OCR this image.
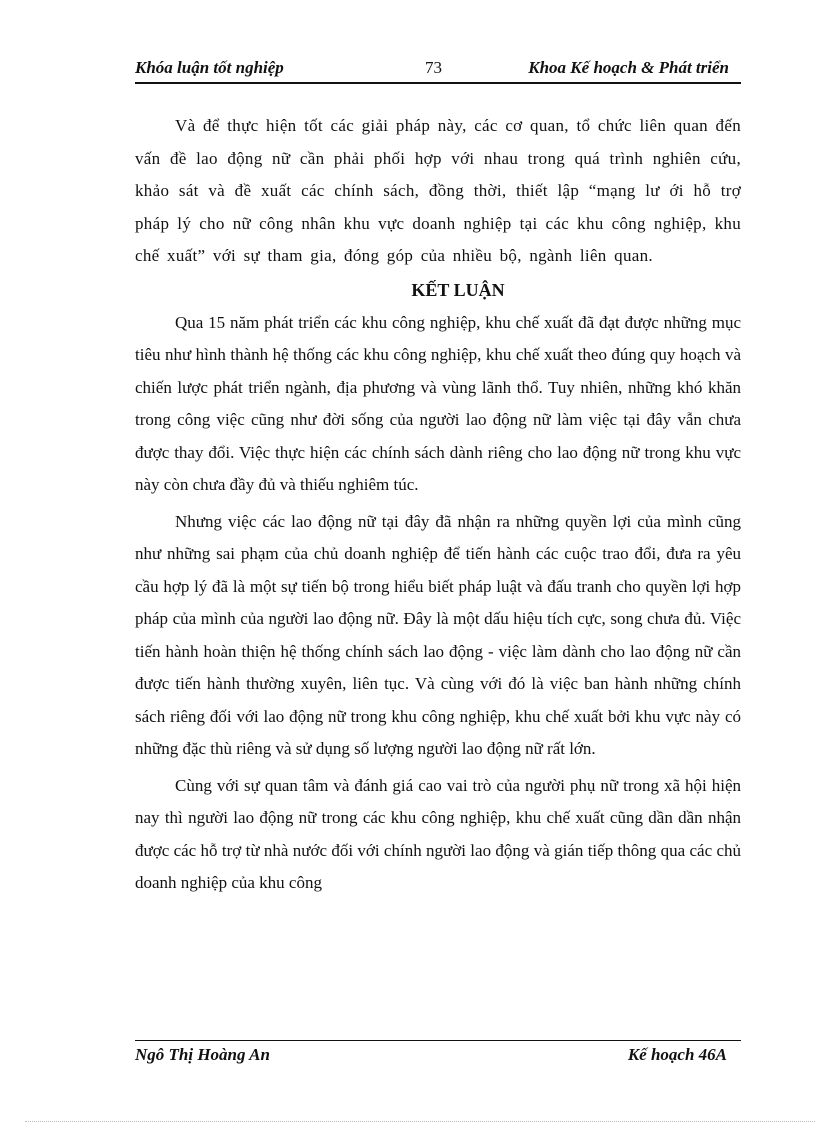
Khóa luận tốt nghiệp	73	Khoa Kế hoạch & Phát triển

Và để thực hiện tốt các giải pháp này, các cơ quan, tổ chức liên quan đến vấn đề lao động nữ cần phải phối hợp với nhau trong quá trình nghiên cứu, khảo sát và đề xuất các chính sách, đồng thời, thiết lập “mạng lư ới hỗ trợ pháp lý cho nữ công nhân khu vực doanh nghiệp tại các khu công nghiệp, khu chế xuất” với sự tham gia, đóng góp của nhiều bộ, ngành liên quan.

KẾT LUẬN

Qua 15 năm phát triển các khu công nghiệp, khu chế xuất đã đạt được những mục tiêu như hình thành hệ thống các khu công nghiệp, khu chế xuất theo đúng quy hoạch và chiến lược phát triển ngành, địa phương và vùng lãnh thổ. Tuy nhiên, những khó khăn trong công việc cũng như đời sống của người lao động nữ làm việc tại đây vẫn chưa được thay đổi. Việc thực hiện các chính sách dành riêng cho lao động nữ trong khu vực này còn chưa đầy đủ và thiếu nghiêm túc.

Nhưng việc các lao động nữ tại đây đã nhận ra những quyền lợi của mình cũng như những sai phạm của chủ doanh nghiệp để tiến hành các cuộc trao đổi, đưa ra yêu cầu hợp lý đã là một sự tiến bộ trong hiểu biết pháp luật và đấu tranh cho quyền lợi hợp pháp của mình của người lao động nữ. Đây là một dấu hiệu tích cực, song chưa đủ. Việc tiến hành hoàn thiện hệ thống chính sách lao động - việc làm dành cho lao động nữ cần được tiến hành thường xuyên, liên tục. Và cùng với đó là việc ban hành những chính sách riêng đối với lao động nữ trong khu công nghiệp, khu chế xuất bởi khu vực này có những đặc thù riêng và sử dụng số lượng người lao động nữ rất lớn.

Cùng với sự quan tâm và đánh giá cao vai trò của người phụ nữ trong xã hội hiện nay thì người lao động nữ trong các khu công nghiệp, khu chế xuất cũng dần dần nhận được các hỗ trợ từ nhà nước đối với chính người lao động và gián tiếp thông qua các chủ doanh nghiệp của khu công

Ngô Thị Hoàng An	Kế hoạch 46A
